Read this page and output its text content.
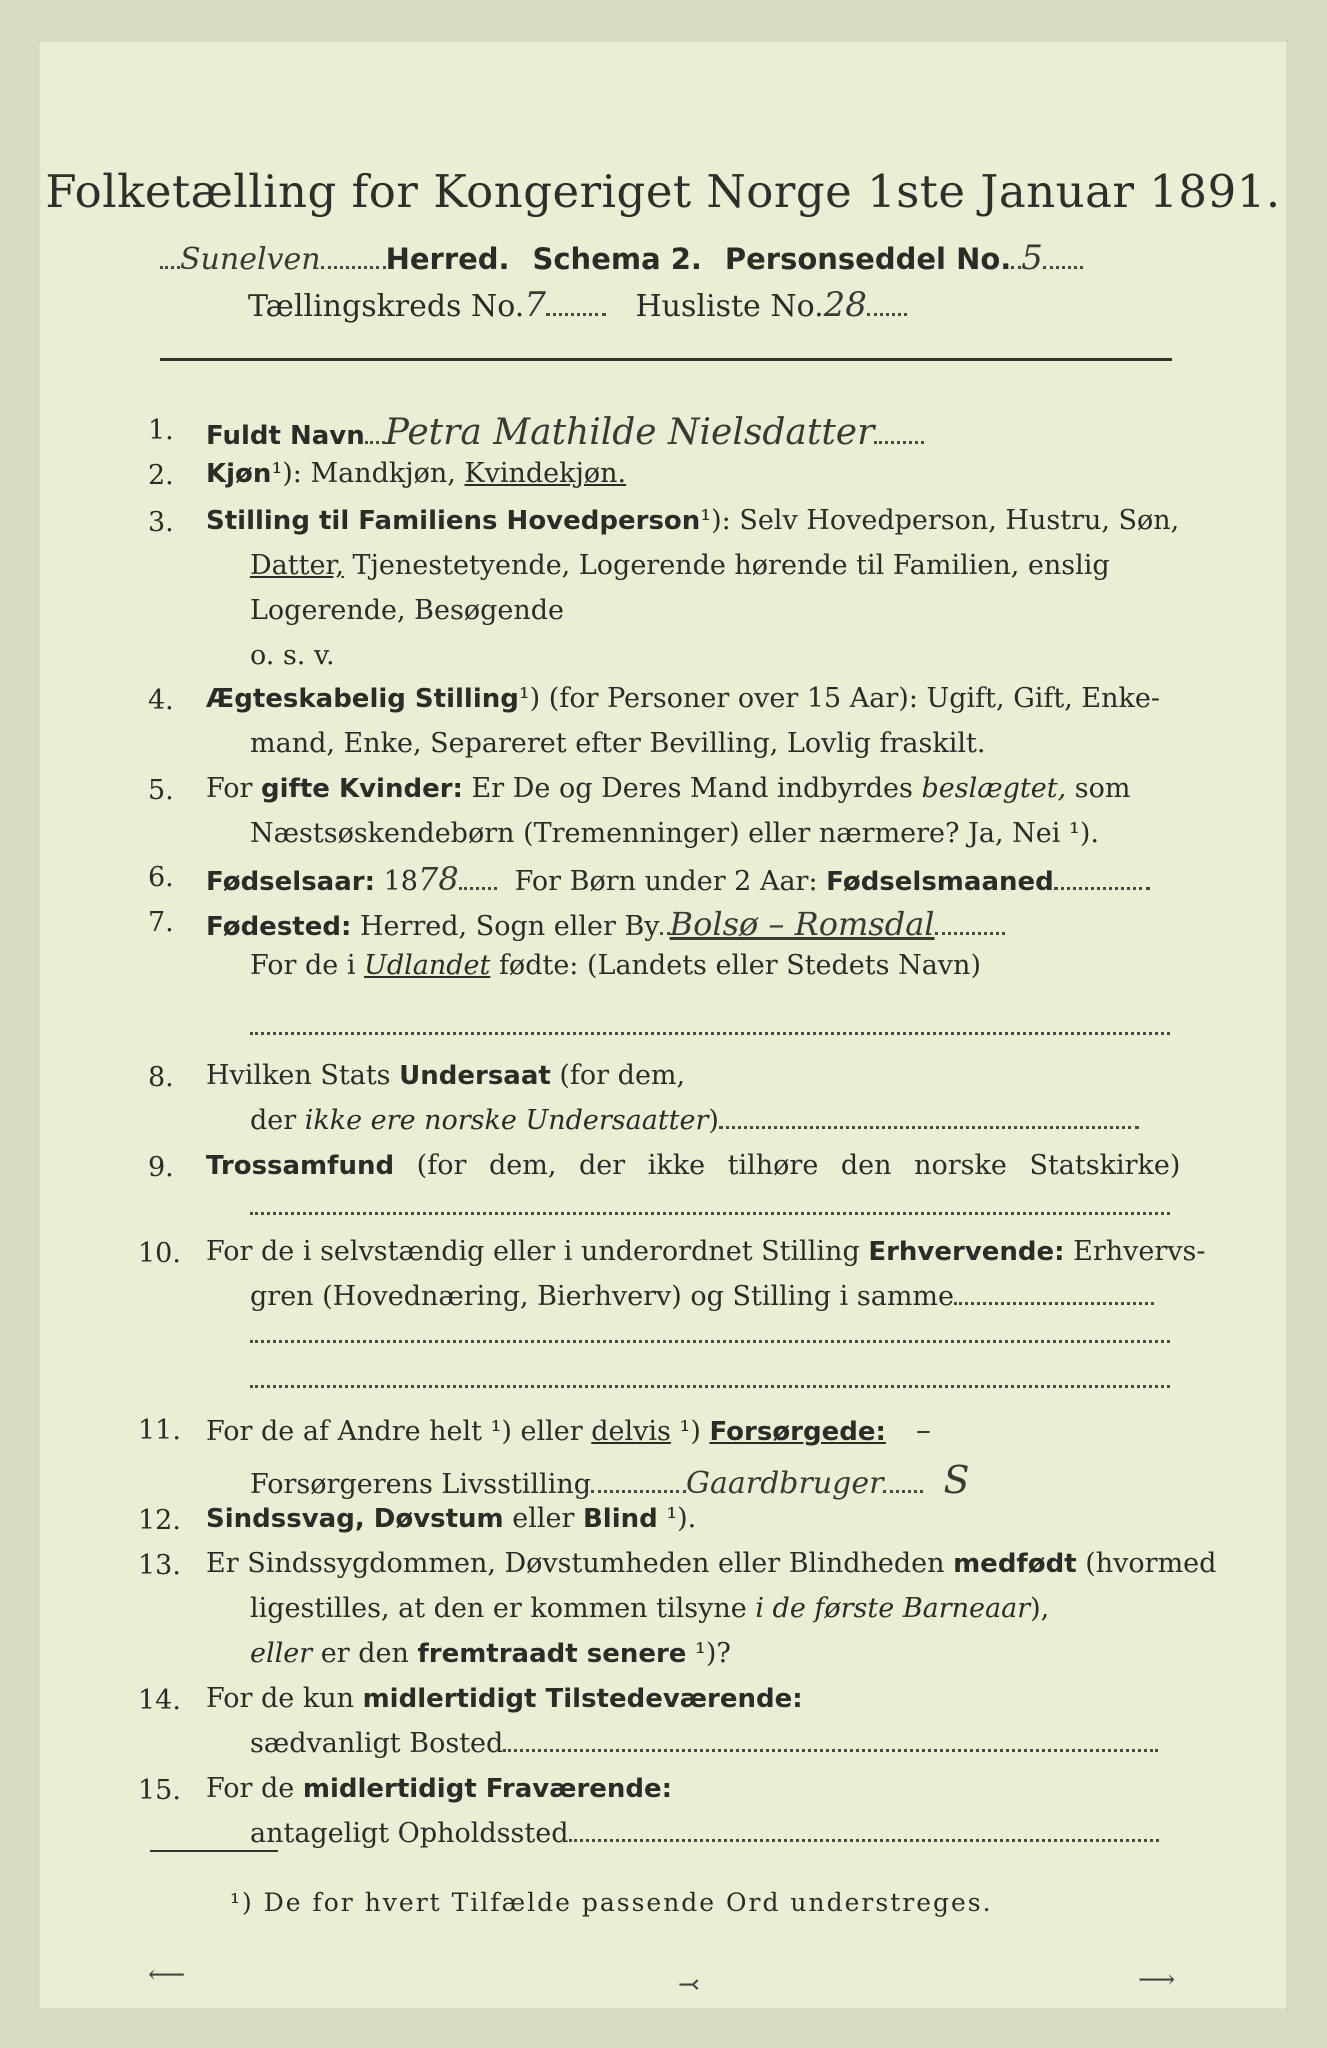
Folketælling for Kongeriget Norge 1ste Januar 1891.
Sunelven Herred. Schema 2. Personseddel No. 5
Tællingskreds No.7	Husliste No.28
1. Fuldt Navn Petra Mathilde Nielsdatter
2. Kjøn¹): Mandkjøn, Kvindekjøn.
3. Stilling til Familiens Hovedperson¹): Selv Hovedperson, Hustru, Søn,
Datter, Tjenestetyende, Logerende hørende til Familien, enslig
Logerende, Besøgende
o. s. v.
4. Ægteskabelig Stilling¹) (for Personer over 15 Aar): Ugift, Gift, Enke-
mand, Enke, Separeret efter Bevilling, Lovlig fraskilt.
5. For gifte Kvinder: Er De og Deres Mand indbyrdes beslægtet, som
Næstsøskendebørn (Tremenninger) eller nærmere? Ja, Nei ¹).
6. Fødselsaar: 1878 For Børn under 2 Aar: Fødselsmaaned
7. Fødested: Herred, Sogn eller By Bolsø – Romsdal
For de i Udlandet fødte: (Landets eller Stedets Navn)
8. Hvilken Stats Undersaat (for dem,
der ikke ere norske Undersaatter)
9. Trossamfund (for dem, der ikke tilhøre den norske Statskirke)
10. For de i selvstændig eller i underordnet Stilling Erhvervende: Erhvervs-
gren (Hovednæring, Bierhverv) og Stilling i samme
11. For de af Andre helt ¹) eller delvis ¹) Forsørgede: –
Forsørgerens Livsstilling	Gaardbruger S
12. Sindssvag, Døvstum eller Blind ¹).
13. Er Sindssygdommen, Døvstumheden eller Blindheden medfødt (hvormed
ligestilles, at den er kommen tilsyne i de første Barneaar),
eller er den fremtraadt senere ¹)?
14. For de kun midlertidigt Tilstedeværende:
sædvanligt Bosted
15. For de midlertidigt Fraværende:
antageligt Opholdssted
¹) De for hvert Tilfælde passende Ord understreges.
⟵	⤙	⟶
